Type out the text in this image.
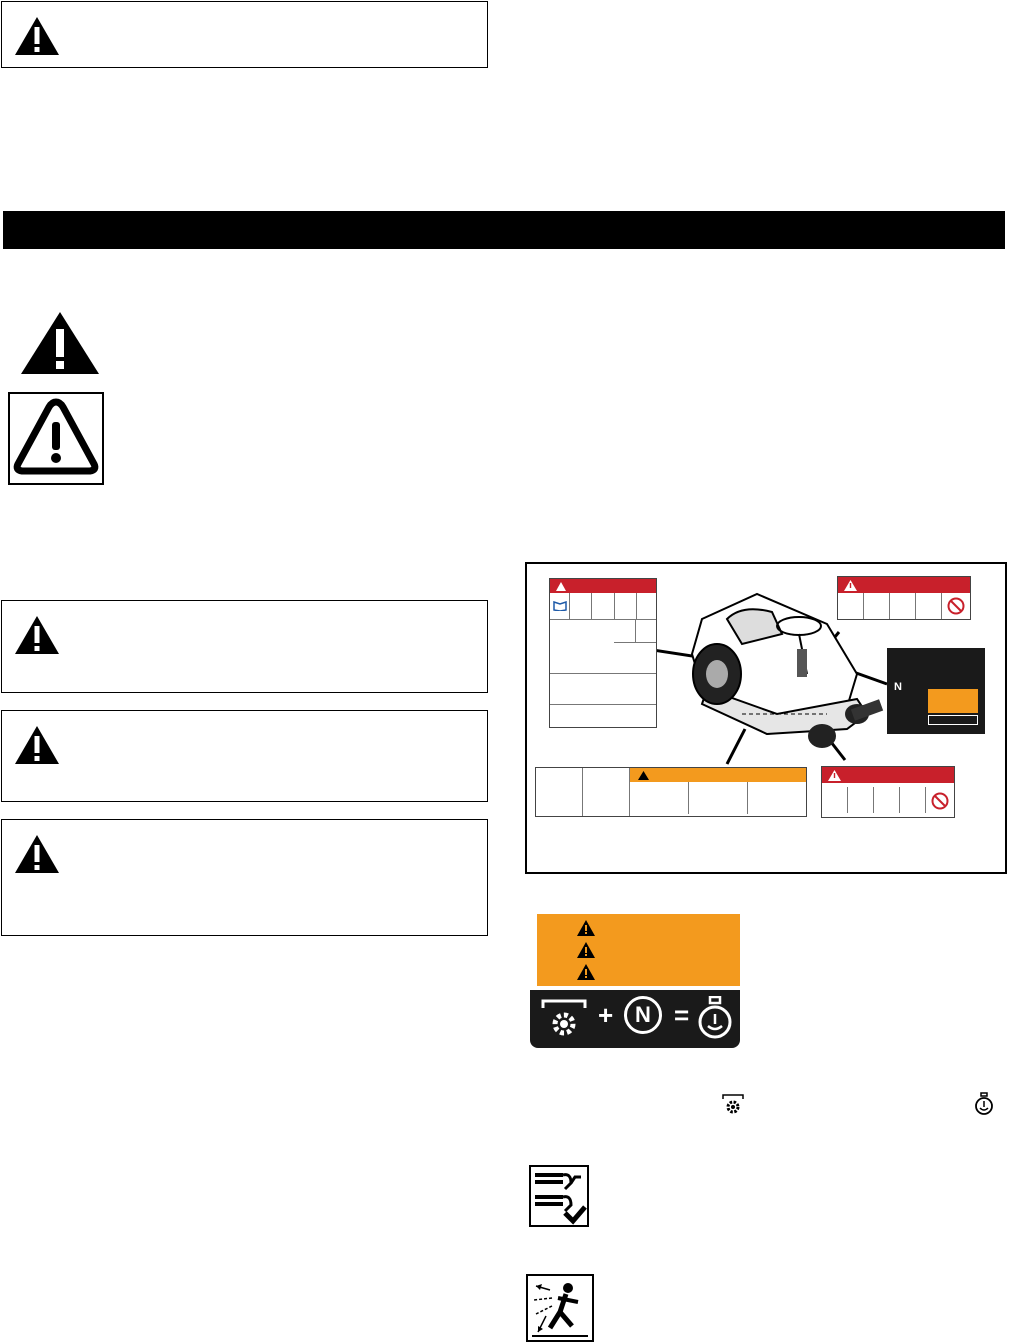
N
+ N =
